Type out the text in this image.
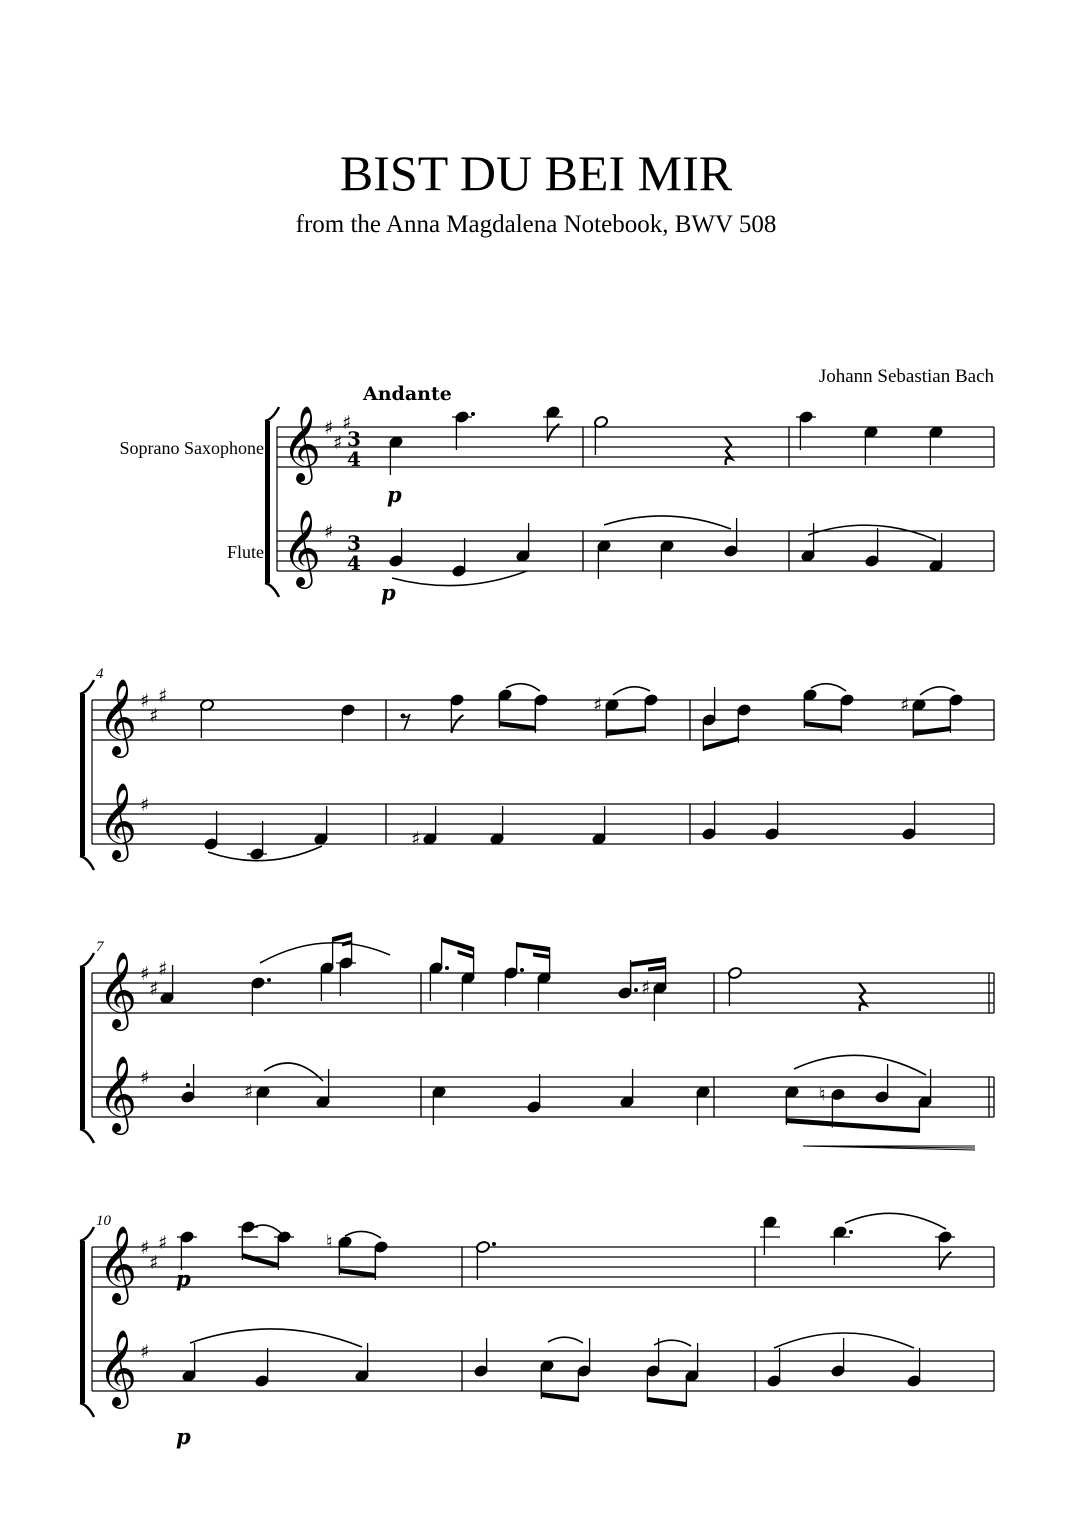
BIST DU BEI MIR
from the Anna Magdalena Notebook, BWV 508
Johann Sebastian Bach
Andante
Soprano Saxophone
Flute
𝄞
𝄞
♯
♯
♯
♯
3
4
3
4
𝄞
𝄞
♯
♯
♯
♯
4
𝄞
𝄞
♯
♯
♯
♯
7
𝄞
𝄞
♯
♯
♯
♯
10
p
p
♯	♯
♯
♯
♯	♮
♮
p
p
